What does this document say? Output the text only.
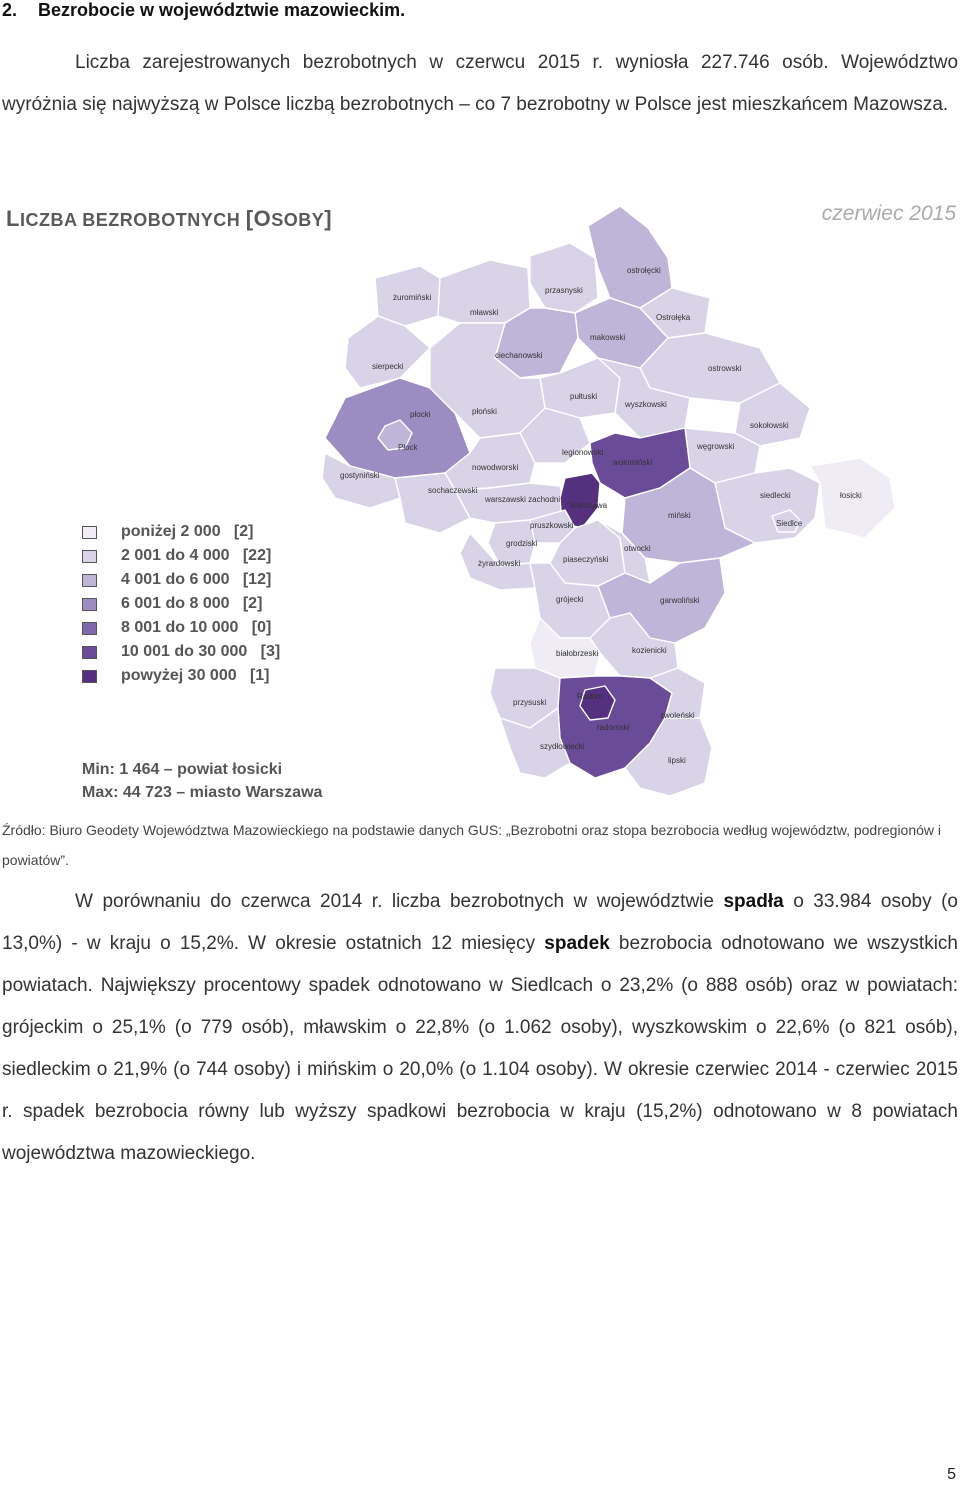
2. Bezrobocie w województwie mazowieckim.
Liczba zarejestrowanych bezrobotnych w czerwcu 2015 r. wyniosła 227.746 osób. Województwo wyróżnia się najwyższą w Polsce liczbą bezrobotnych – co 7 bezrobotny w Polsce jest mieszkańcem Mazowsza.
ostrołęcki
przasnyski
żuromiński
mławski
Ostrołęka
makowski
ciechanowski
sierpecki	ostrowski
pułtuski
płocki	płoński
wyszkowski
sokołowski
Płock
legionowski
węgrowski
wołomiński
gostyniński
nowodworski
sochaczewski
warszawski zachodni
Warszawa
siedlecki	łosicki
miński
Siedlce
pruszkowski
grodziski
piaseczyński
otwocki
żyrardowski
grójecki	garwoliński
kozienicki
białobrzeski
przysuski
Radom
zwoleński
radomski
szydłowiecki
lipski
LICZBA BEZROBOTNYCH [OSOBY]	czerwiec 2015
poniżej 2 000   [2]
2 001 do 4 000   [22]
4 001 do 6 000   [12]
6 001 do 8 000   [2]
8 001 do 10 000   [0]
10 001 do 30 000   [3]
powyżej 30 000   [1]
Min: 1 464 – powiat łosicki
Max: 44 723 – miasto Warszawa
Źródło: Biuro Geodety Województwa Mazowieckiego na podstawie danych GUS: „Bezrobotni oraz stopa bezrobocia według województw, podregionów i powiatów”.
W porównaniu do czerwca 2014 r. liczba bezrobotnych w województwie spadła o 33.984 osoby (o 13,0%) - w kraju o 15,2%. W okresie ostatnich 12 miesięcy spadek bezrobocia odnotowano we wszystkich powiatach. Największy procentowy spadek odnotowano w Siedlcach o 23,2% (o 888 osób) oraz w powiatach: grójeckim o 25,1% (o 779 osób), mławskim o 22,8% (o 1.062 osoby), wyszkowskim o 22,6% (o 821 osób), siedleckim o 21,9% (o 744 osoby) i mińskim o 20,0% (o 1.104 osoby). W okresie czerwiec 2014 - czerwiec 2015 r. spadek bezrobocia równy lub wyższy spadkowi bezrobocia w kraju (15,2%) odnotowano w 8 powiatach województwa mazowieckiego.
5
